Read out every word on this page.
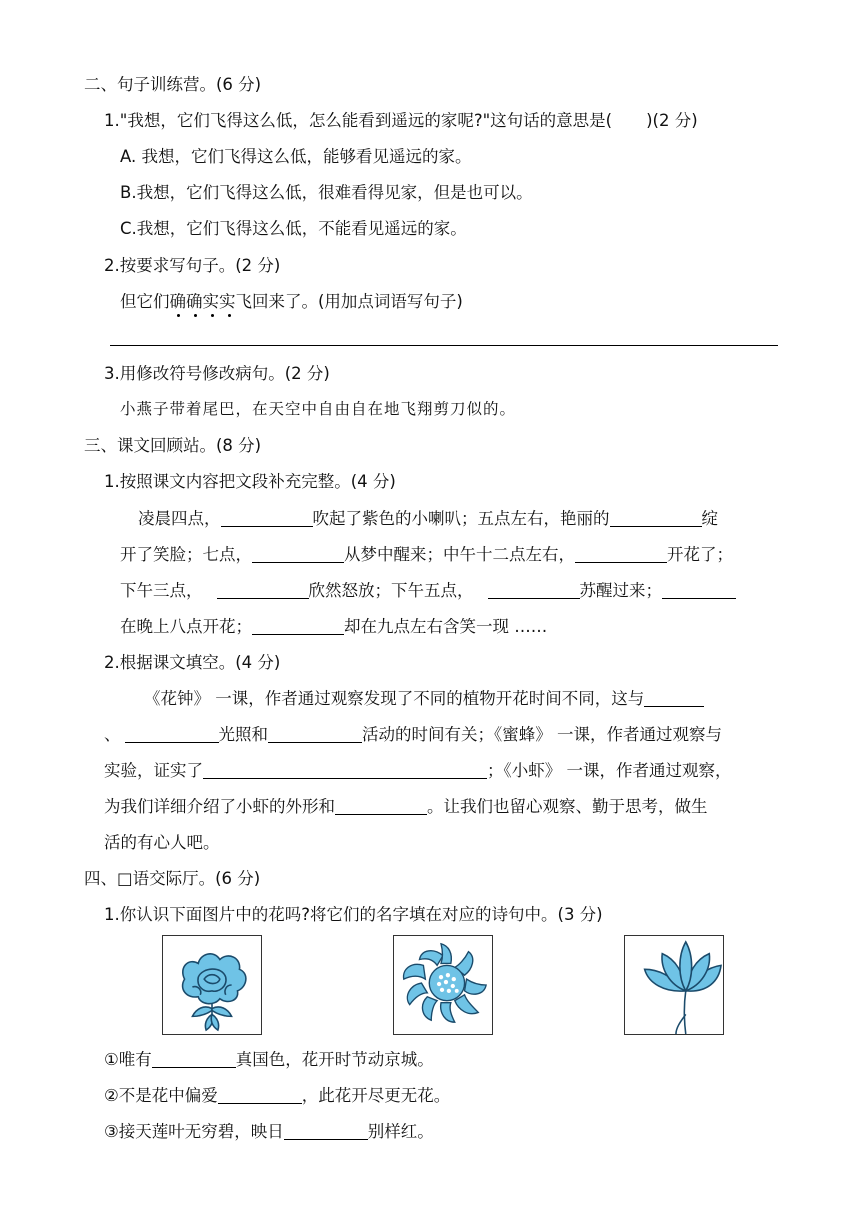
二、句子训练营。(6 分)
1."我想，它们飞得这么低，怎么能看到遥远的家呢?"这句话的意思是( )(2 分)
A. 我想，它们飞得这么低，能够看见遥远的家。
B.我想，它们飞得这么低，很难看得见家，但是也可以。
C.我想，它们飞得这么低，不能看见遥远的家。
2.按要求写句子。(2 分)
但它们确确实实
飞回来了。(用加点词语写句子)
3.用修改符号修改病句。(2 分)
小燕子带着尾巴，在天空中自由自在地飞翔剪刀似的。
三、课文回顾站。(8 分)
1.按照课文内容把文段补充完整。(4 分)
凌晨四点，	吹起了紫色的小喇叭；五点左右，艳丽的	绽
开了笑脸；七点，	从梦中醒来；中午十二点左右，	开花了；
下午三点，	欣然怒放；下午五点，	苏醒过来；
在晚上八点开花；	却在九点左右含笑一现 ……
2.根据课文填空。(4 分)
《花钟》 一课，作者通过观察发现了不同的植物开花时间不同，这与
、	光照和	活动的时间有关；《蜜蜂》 一课，作者通过观察与
实验，证实了	；《小虾》 一课，作者通过观察，
为我们详细介绍了小虾的外形和	。让我们也留心观察、勤于思考，做生
活的有心人吧。
四、□语交际厅。(6 分)
1.你认识下面图片中的花吗?将它们的名字填在对应的诗句中。(3 分)
①唯有	真国色，花开时节动京城。
②不是花中偏爱	，此花开尽更无花。
③接天莲叶无穷碧，映日	别样红。
